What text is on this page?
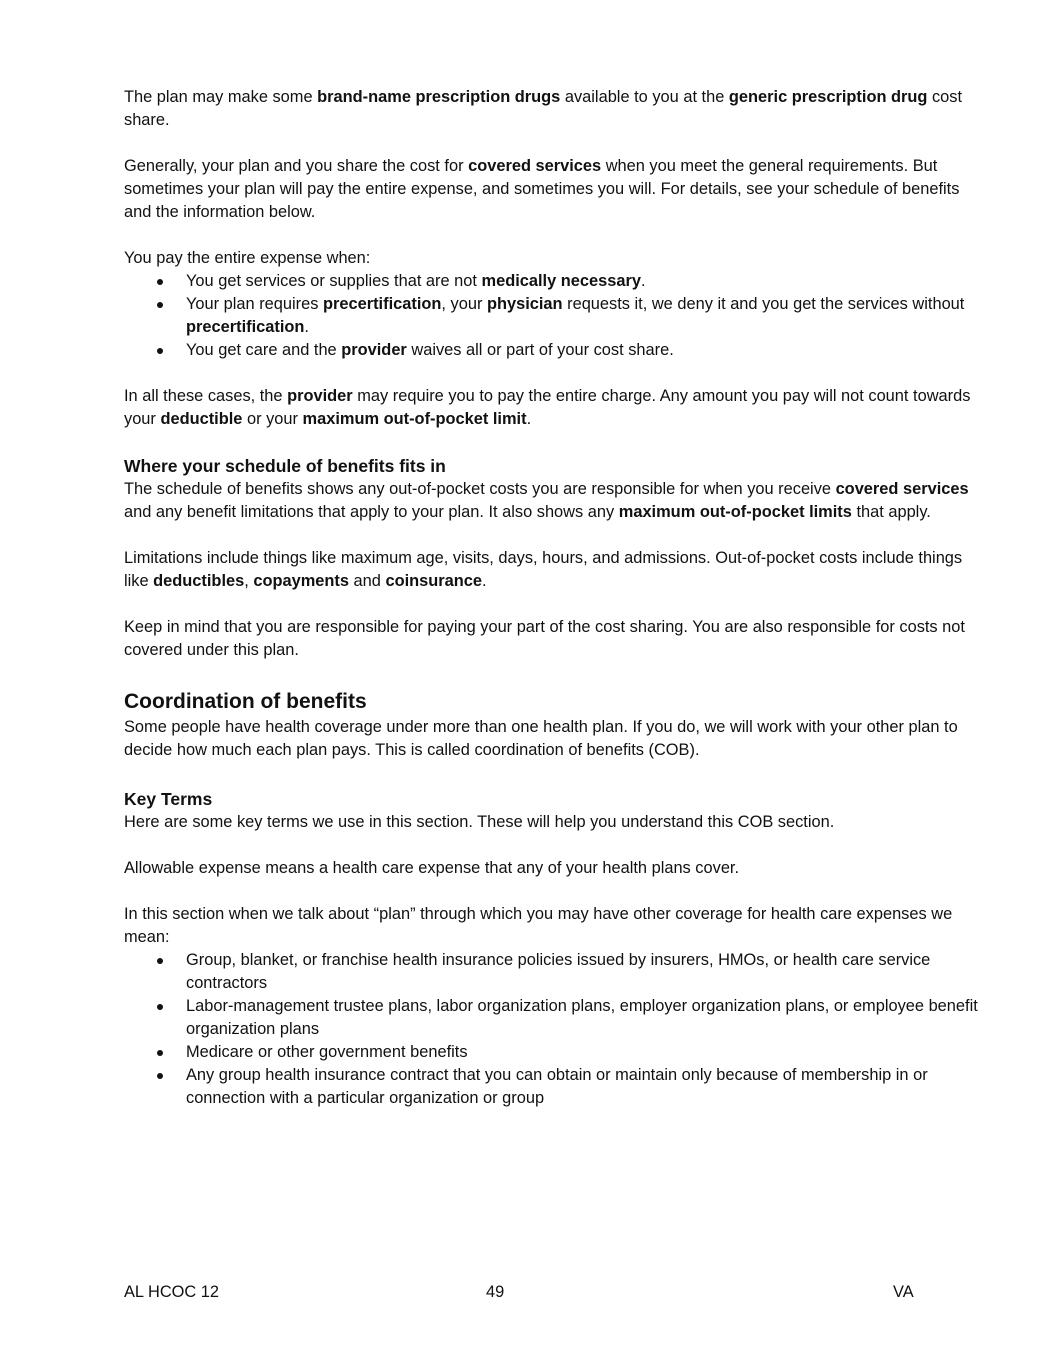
The plan may make some brand-name prescription drugs available to you at the generic prescription drug cost share.

Generally, your plan and you share the cost for covered services when you meet the general requirements. But sometimes your plan will pay the entire expense, and sometimes you will. For details, see your schedule of benefits and the information below.

You pay the entire expense when:

You get services or supplies that are not medically necessary.
Your plan requires precertification, your physician requests it, we deny it and you get the services without precertification.
You get care and the provider waives all or part of your cost share.

In all these cases, the provider may require you to pay the entire charge. Any amount you pay will not count towards your deductible or your maximum out-of-pocket limit.

Where your schedule of benefits fits in

The schedule of benefits shows any out-of-pocket costs you are responsible for when you receive covered services and any benefit limitations that apply to your plan. It also shows any maximum out-of-pocket limits that apply.

Limitations include things like maximum age, visits, days, hours, and admissions. Out-of-pocket costs include things like deductibles, copayments and coinsurance.

Keep in mind that you are responsible for paying your part of the cost sharing. You are also responsible for costs not covered under this plan.

Coordination of benefits

Some people have health coverage under more than one health plan. If you do, we will work with your other plan to decide how much each plan pays. This is called coordination of benefits (COB).

Key Terms

Here are some key terms we use in this section. These will help you understand this COB section.

Allowable expense means a health care expense that any of your health plans cover.

In this section when we talk about “plan” through which you may have other coverage for health care expenses we mean:

Group, blanket, or franchise health insurance policies issued by insurers, HMOs, or health care service contractors
Labor-management trustee plans, labor organization plans, employer organization plans, or employee benefit organization plans
Medicare or other government benefits
Any group health insurance contract that you can obtain or maintain only because of membership in or connection with a particular organization or group
AL HCOC 12	49	VA
